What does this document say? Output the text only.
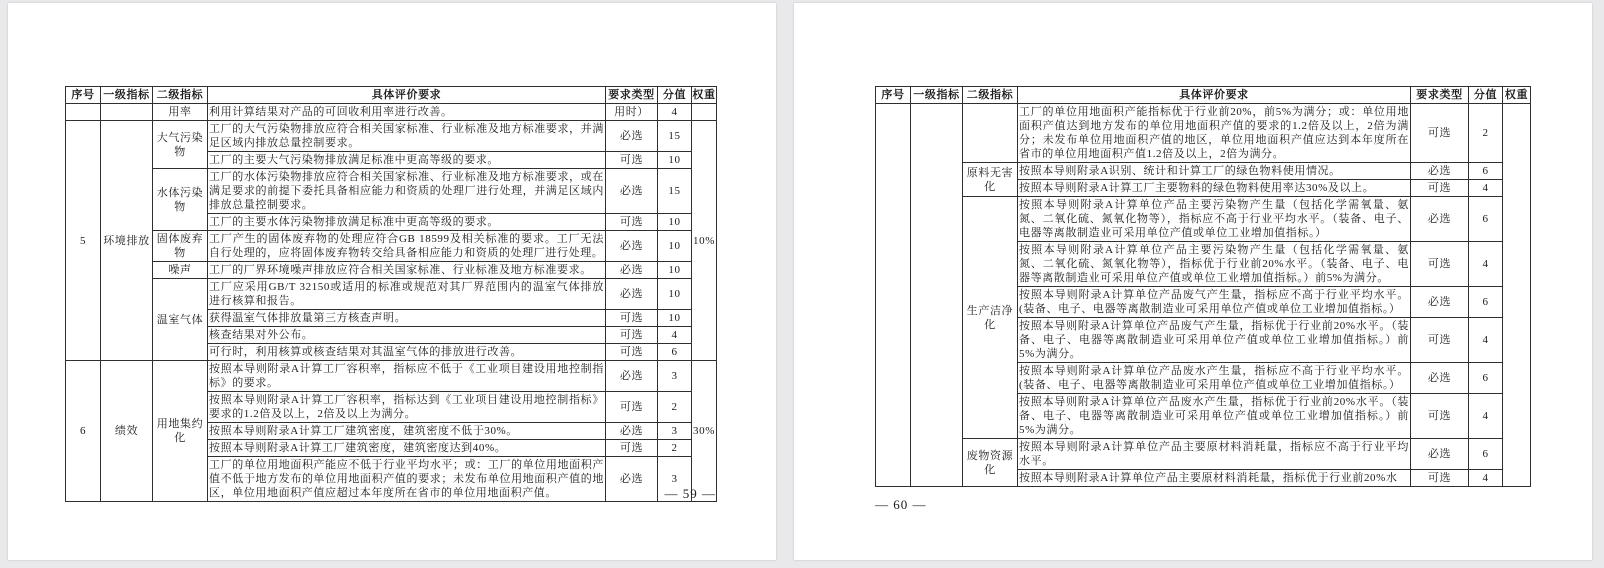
序号	一级指标	二级指标	具体评价要求	要求类型	分值	权重
		用率	利用计算结果对产品的可回收利用率进行改善。	用时）	4	
5	环境排放	大气污染物	工厂的大气污染物排放应符合相关国家标准、行业标准及地方标准要求，并满足区域内排放总量控制要求。	必选	15	10%
			工厂的主要大气污染物排放满足标准中更高等级的要求。	可选	10	
		水体污染物	工厂的水体污染物排放应符合相关国家标准、行业标准及地方标准要求，或在满足要求的前提下委托具备相应能力和资质的处理厂进行处理，并满足区域内排放总量控制要求。	必选	15	
			工厂的主要水体污染物排放满足标准中更高等级的要求。	可选	10	
		固体废弃物	工厂产生的固体废弃物的处理应符合GB 18599及相关标准的要求。工厂无法自行处理的，应将固体废弃物转交给具备相应能力和资质的处理厂进行处理。	必选	10	
		噪声	工厂的厂界环境噪声排放应符合相关国家标准、行业标准及地方标准要求。	必选	10	
		温室气体	工厂应采用GB/T 32150或适用的标准或规范对其厂界范围内的温室气体排放进行核算和报告。	必选	10	
			获得温室气体排放量第三方核查声明。	可选	10	
			核查结果对外公布。	可选	4	
			可行时，利用核算或核查结果对其温室气体的排放进行改善。	可选	6	
6	绩效	用地集约化	按照本导则附录A计算工厂容积率，指标应不低于《工业项目建设用地控制指标》的要求。	必选	3	30%
			按照本导则附录A计算工厂容积率，指标达到《工业项目建设用地控制指标》要求的1.2倍及以上，2倍及以上为满分。	可选	2	
			按照本导则附录A计算工厂建筑密度，建筑密度不低于30%。	必选	3	
			按照本导则附录A计算工厂建筑密度，建筑密度达到40%。	可选	2	
			工厂的单位用地面积产能应不低于行业平均水平；或：工厂的单位用地面积产值不低于地方发布的单位用地面积产值的要求；未发布单位用地面积产值的地区，单位用地面积产值应超过本年度所在省市的单位用地面积产值。	必选	3	
— 59 —
序号	一级指标	二级指标	具体评价要求	要求类型	分值	权重
			工厂的单位用地面积产能指标优于行业前20%，前5%为满分；或：单位用地面积产值达到地方发布的单位用地面积产值的要求的1.2倍及以上，2倍为满分；未发布单位用地面积产值的地区，单位用地面积产值应达到本年度所在省市的单位用地面积产值1.2倍及以上，2倍为满分。	可选	2	
		原料无害化	按照本导则附录A识别、统计和计算工厂的绿色物料使用情况。	必选	6	
			按照本导则附录A计算工厂主要物料的绿色物料使用率达30%及以上。	可选	4	
		生产洁净化	按照本导则附录A计算单位产品主要污染物产生量（包括化学需氧量、氨氮、二氧化硫、氮氧化物等），指标应不高于行业平均水平。（装备、电子、电器等离散制造业可采用单位产值或单位工业增加值指标。）	必选	6	
			按照本导则附录A计算单位产品主要污染物产生量（包括化学需氧量、氨氮、二氧化硫、氮氧化物等），指标优于行业前20%水平。（装备、电子、电器等离散制造业可采用单位产值或单位工业增加值指标。）前5%为满分。	可选	4	
			按照本导则附录A计算单位产品废气产生量，指标应不高于行业平均水平。(装备、电子、电器等离散制造业可采用单位产值或单位工业增加值指标。）	必选	6	
			按照本导则附录A计算单位产品废气产生量，指标优于行业前20%水平。（装备、电子、电器等离散制造业可采用单位产值或单位工业增加值指标。）前5%为满分。	可选	4	
			按照本导则附录A计算单位产品废水产生量，指标应不高于行业平均水平。(装备、电子、电器等离散制造业可采用单位产值或单位工业增加值指标。）	必选	6	
			按照本导则附录A计算单位产品废水产生量，指标优于行业前20%水平。（装备、电子、电器等离散制造业可采用单位产值或单位工业增加值指标。）前5%为满分。	可选	4	
		废物资源化	按照本导则附录A计算单位产品主要原材料消耗量，指标应不高于行业平均水平。	必选	6	
			按照本导则附录A计算单位产品主要原材料消耗量，指标优于行业前20%水	可选	4	
— 60 —
